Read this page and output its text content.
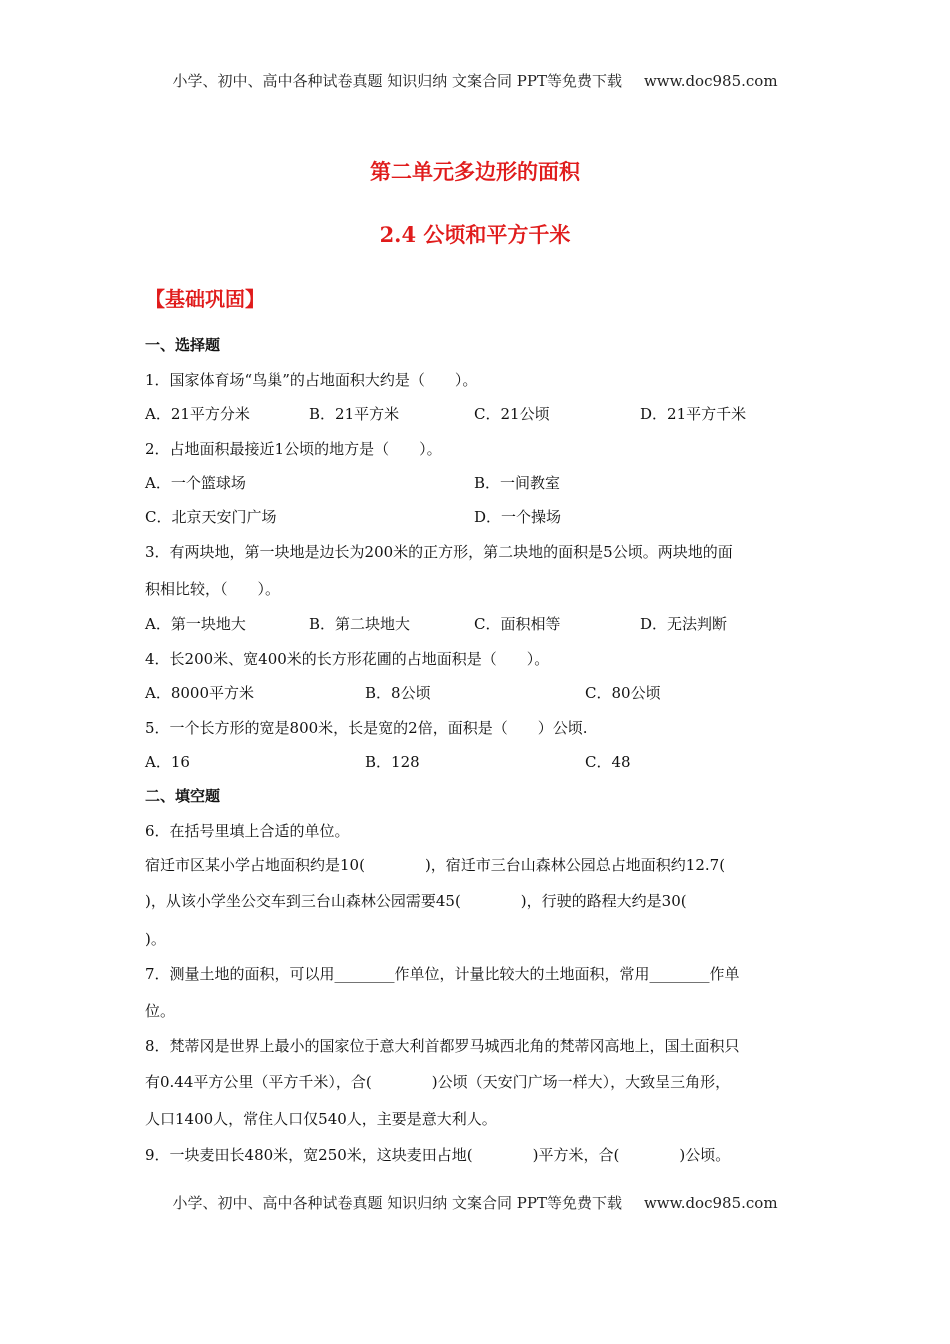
小学、初中、高中各种试卷真题 知识归纳 文案合同 PPT等免费下载 www.doc985.com
第二单元多边形的面积
2.4 公顷和平方千米
【基础巩固】
一、选择题
1．国家体育场“鸟巢”的占地面积大约是（　　）。
A．21平方分米	B．21平方米	C．21公顷	D．21平方千米
2．占地面积最接近1公顷的地方是（　　）。
A．一个篮球场	B．一间教室
C．北京天安门广场	D．一个操场
3．有两块地，第一块地是边长为200米的正方形，第二块地的面积是5公顷。两块地的面
积相比较，（　　）。
A．第一块地大	B．第二块地大	C．面积相等	D．无法判断
4．长200米、宽400米的长方形花圃的占地面积是（　　）。
A．8000平方米	B．8公顷	C．80公顷
5．一个长方形的宽是800米，长是宽的2倍，面积是（　　）公顷.
A．16	B．128	C．48
二、填空题
6．在括号里填上合适的单位。
宿迁市区某小学占地面积约是10(　　　　)，宿迁市三台山森林公园总占地面积约12.7(
)，从该小学坐公交车到三台山森林公园需要45(　　　　)，行驶的路程大约是30(
)。
7．测量土地的面积，可以用________作单位，计量比较大的土地面积，常用________作单
位。
8．梵蒂冈是世界上最小的国家位于意大利首都罗马城西北角的梵蒂冈高地上，国土面积只
有0.44平方公里（平方千米），合(　　　　)公顷（天安门广场一样大），大致呈三角形，
人口1400人，常住人口仅540人，主要是意大利人。
9．一块麦田长480米，宽250米，这块麦田占地(　　　　)平方米，合(　　　　)公顷。
小学、初中、高中各种试卷真题 知识归纳 文案合同 PPT等免费下载 www.doc985.com
